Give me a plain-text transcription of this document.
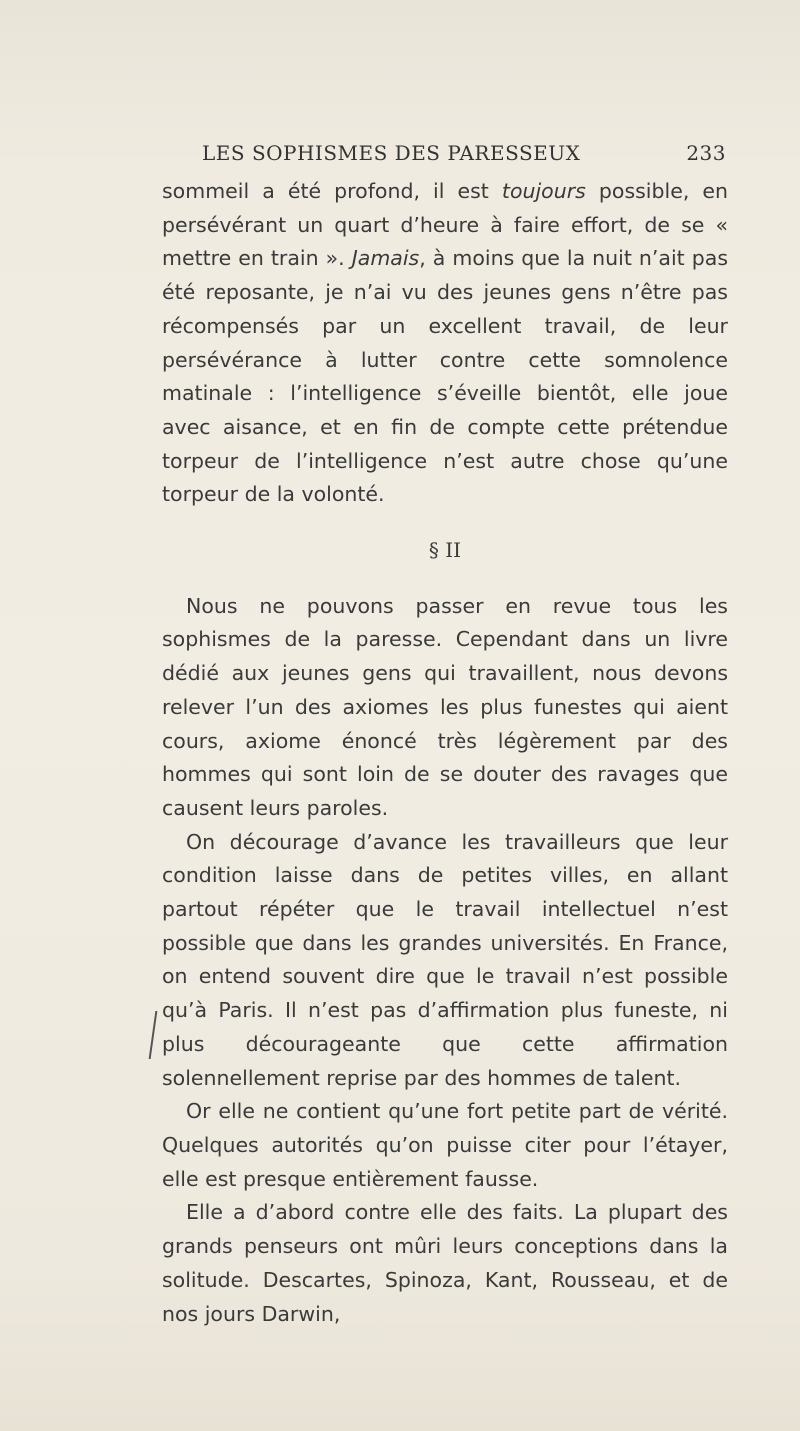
LES SOPHISMES DES PARESSEUX	233

sommeil a été profond, il est toujours possible, en persévérant un quart d’heure à faire effort, de se « mettre en train ». Jamais, à moins que la nuit n’ait pas été reposante, je n’ai vu des jeunes gens n’être pas récompensés par un excellent travail, de leur persévérance à lutter contre cette somnolence matinale : l’intelligence s’éveille bientôt, elle joue avec aisance, et en fin de compte cette prétendue torpeur de l’intelligence n’est autre chose qu’une torpeur de la volonté.

§ II

Nous ne pouvons passer en revue tous les sophismes de la paresse. Cependant dans un livre dédié aux jeunes gens qui travaillent, nous devons relever l’un des axiomes les plus funestes qui aient cours, axiome énoncé très légèrement par des hommes qui sont loin de se douter des ravages que causent leurs paroles.

On décourage d’avance les travailleurs que leur condition laisse dans de petites villes, en allant partout répéter que le travail intellectuel n’est possible que dans les grandes universités. En France, on entend souvent dire que le travail n’est possible qu’à Paris. Il n’est pas d’affirmation plus funeste, ni plus décourageante que cette affirmation solennellement reprise par des hommes de talent.

Or elle ne contient qu’une fort petite part de vérité. Quelques autorités qu’on puisse citer pour l’étayer, elle est presque entièrement fausse.

Elle a d’abord contre elle des faits. La plupart des grands penseurs ont mûri leurs conceptions dans la solitude. Descartes, Spinoza, Kant, Rousseau, et de nos jours Darwin,
